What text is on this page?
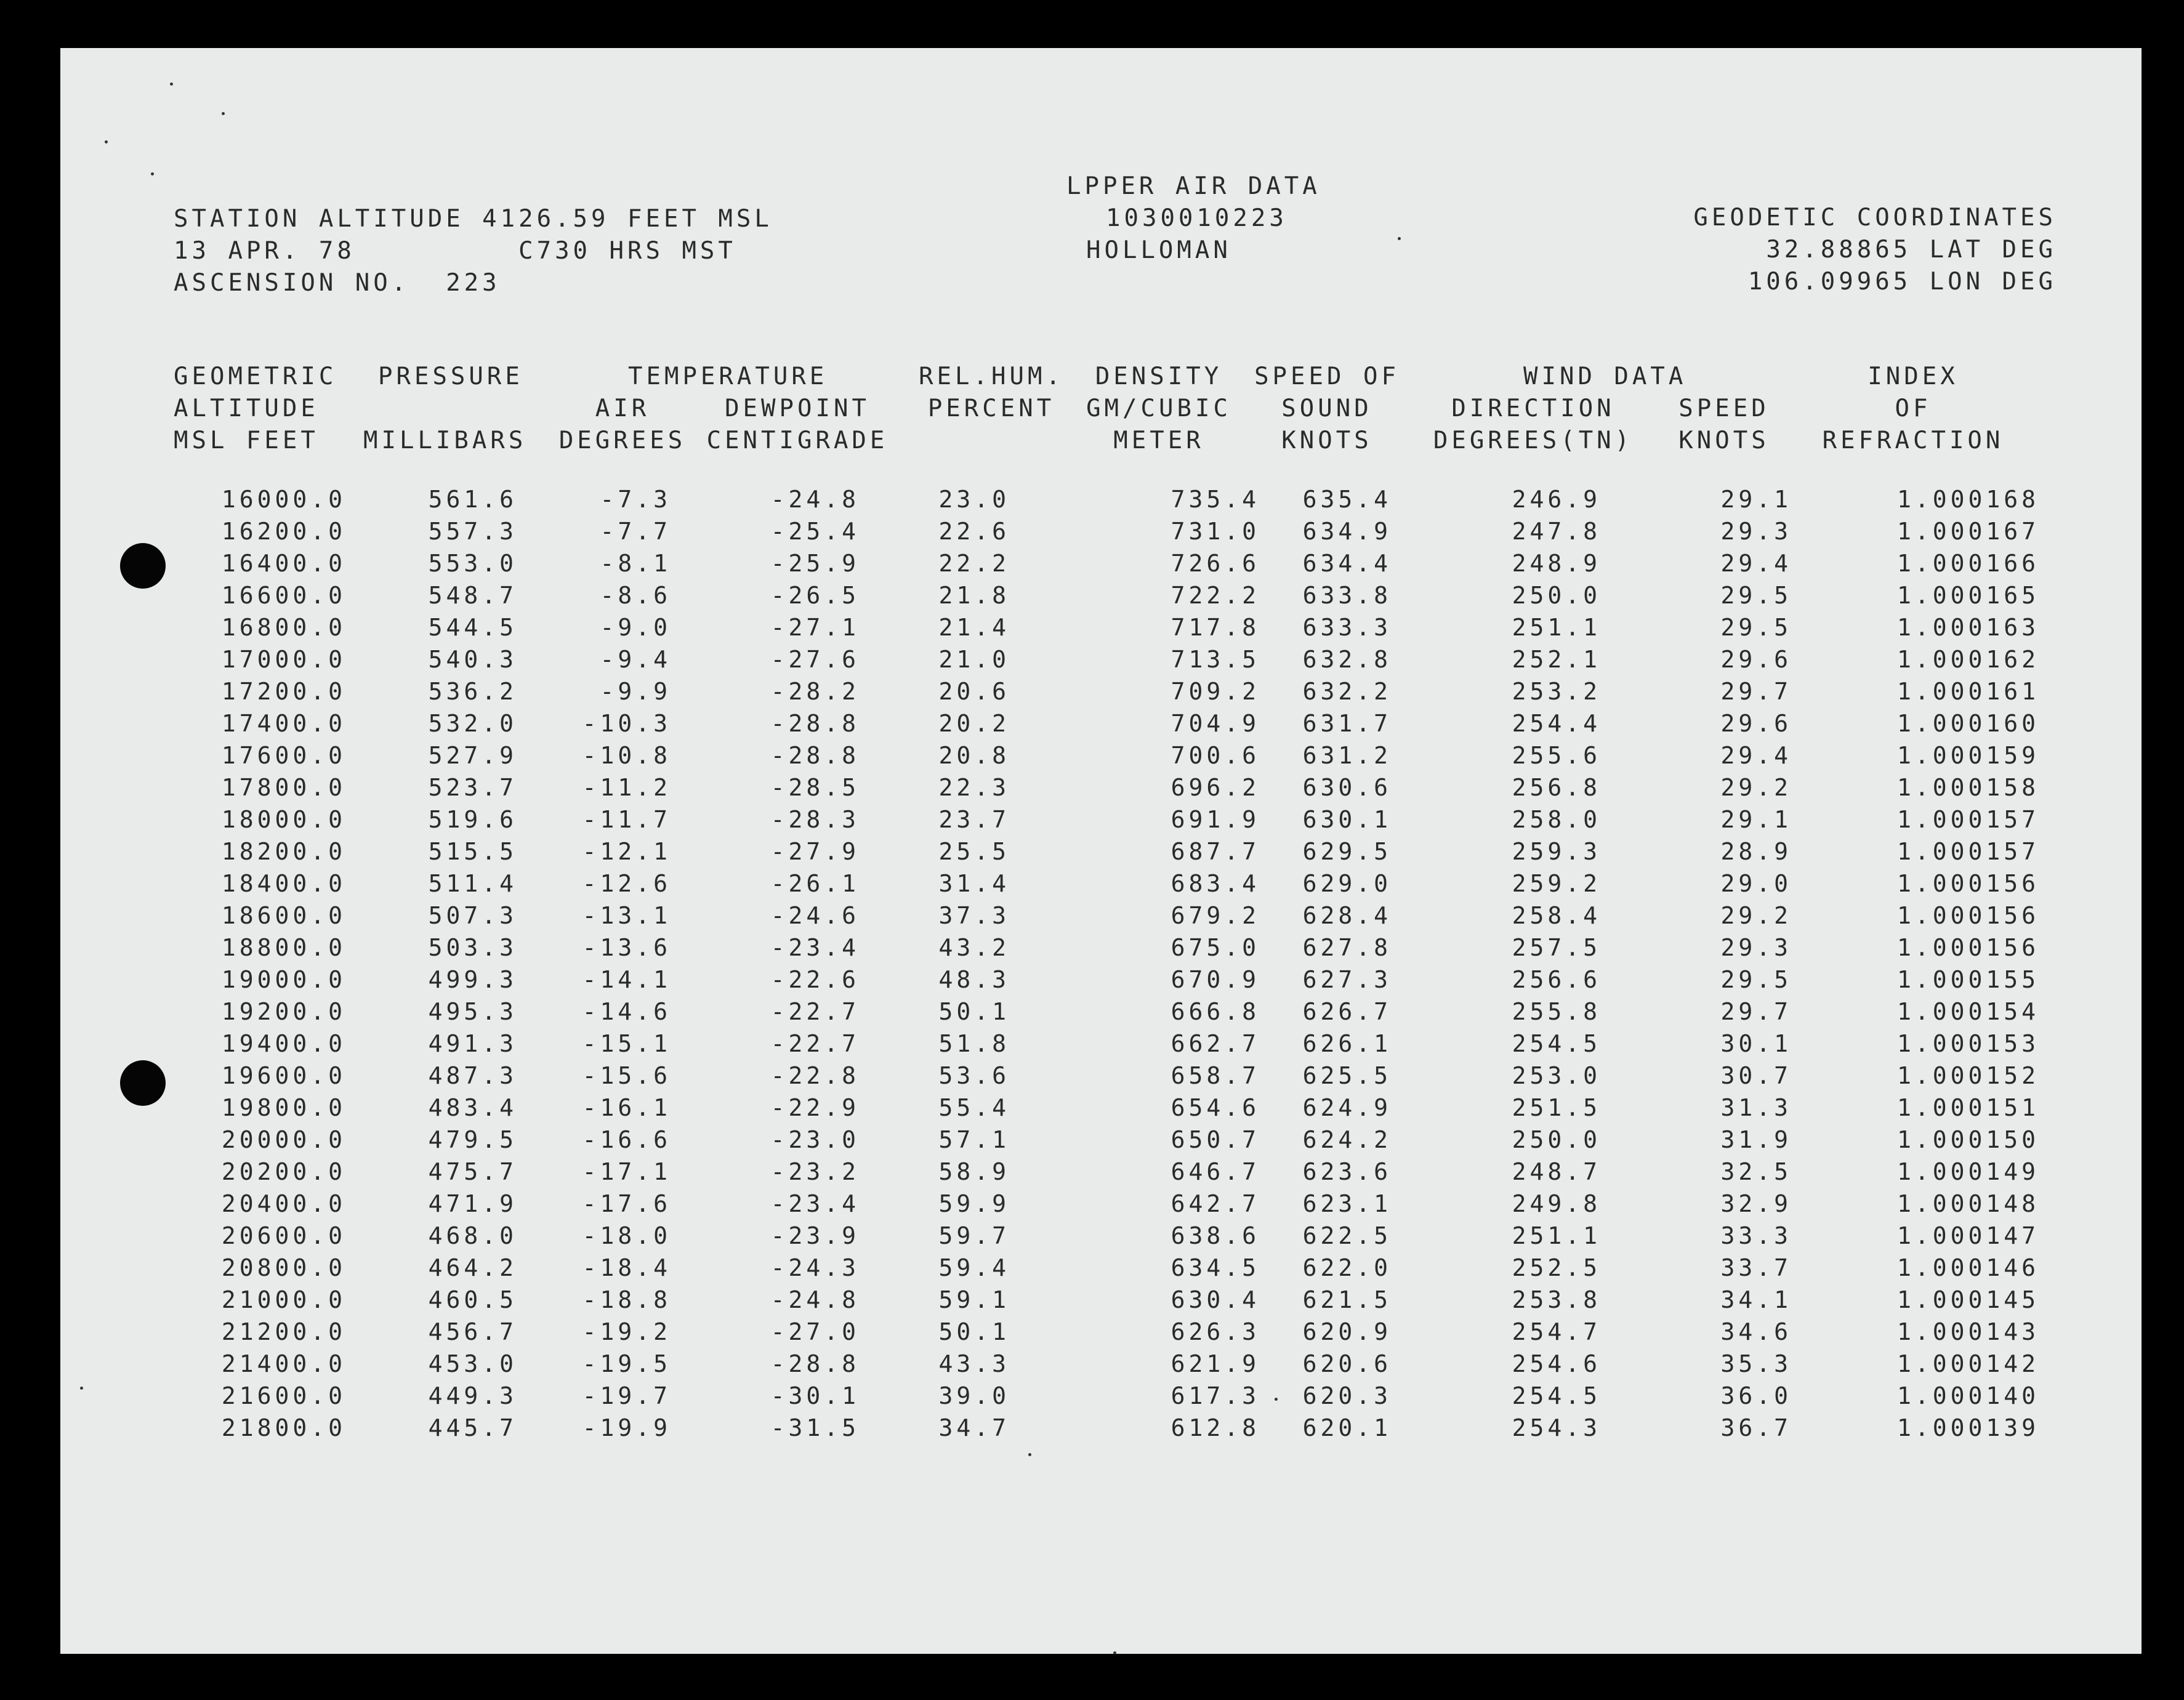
STATION ALTITUDE 4126.59 FEET MSL
13 APR. 78         C730 HRS MST
ASCENSION NO.  223
LPPER AIR DATA
1030010223
HOLLOMAN
GEODETIC COORDINATES
32.88865 LAT DEG
106.09965 LON DEG
GEOMETRIC
ALTITUDE
MSL FEET
PRESSURE
MILLIBARS
TEMPERATURE
AIR
DEGREES
DEWPOINT
CENTIGRADE
REL.HUM.
PERCENT
DENSITY
GM/CUBIC
METER
SPEED OF
SOUND
KNOTS
WIND DATA
DIRECTION
DEGREES(TN)
SPEED
KNOTS
INDEX
OF
REFRACTION
16000.0
16200.0
16400.0
16600.0
16800.0
17000.0
17200.0
17400.0
17600.0
17800.0
18000.0
18200.0
18400.0
18600.0
18800.0
19000.0
19200.0
19400.0
19600.0
19800.0
20000.0
20200.0
20400.0
20600.0
20800.0
21000.0
21200.0
21400.0
21600.0
21800.0
561.6
557.3
553.0
548.7
544.5
540.3
536.2
532.0
527.9
523.7
519.6
515.5
511.4
507.3
503.3
499.3
495.3
491.3
487.3
483.4
479.5
475.7
471.9
468.0
464.2
460.5
456.7
453.0
449.3
445.7
-7.3
-7.7
-8.1
-8.6
-9.0
-9.4
-9.9
-10.3
-10.8
-11.2
-11.7
-12.1
-12.6
-13.1
-13.6
-14.1
-14.6
-15.1
-15.6
-16.1
-16.6
-17.1
-17.6
-18.0
-18.4
-18.8
-19.2
-19.5
-19.7
-19.9
-24.8
-25.4
-25.9
-26.5
-27.1
-27.6
-28.2
-28.8
-28.8
-28.5
-28.3
-27.9
-26.1
-24.6
-23.4
-22.6
-22.7
-22.7
-22.8
-22.9
-23.0
-23.2
-23.4
-23.9
-24.3
-24.8
-27.0
-28.8
-30.1
-31.5
23.0
22.6
22.2
21.8
21.4
21.0
20.6
20.2
20.8
22.3
23.7
25.5
31.4
37.3
43.2
48.3
50.1
51.8
53.6
55.4
57.1
58.9
59.9
59.7
59.4
59.1
50.1
43.3
39.0
34.7
735.4
731.0
726.6
722.2
717.8
713.5
709.2
704.9
700.6
696.2
691.9
687.7
683.4
679.2
675.0
670.9
666.8
662.7
658.7
654.6
650.7
646.7
642.7
638.6
634.5
630.4
626.3
621.9
617.3
612.8
635.4
634.9
634.4
633.8
633.3
632.8
632.2
631.7
631.2
630.6
630.1
629.5
629.0
628.4
627.8
627.3
626.7
626.1
625.5
624.9
624.2
623.6
623.1
622.5
622.0
621.5
620.9
620.6
620.3
620.1
246.9
247.8
248.9
250.0
251.1
252.1
253.2
254.4
255.6
256.8
258.0
259.3
259.2
258.4
257.5
256.6
255.8
254.5
253.0
251.5
250.0
248.7
249.8
251.1
252.5
253.8
254.7
254.6
254.5
254.3
29.1
29.3
29.4
29.5
29.5
29.6
29.7
29.6
29.4
29.2
29.1
28.9
29.0
29.2
29.3
29.5
29.7
30.1
30.7
31.3
31.9
32.5
32.9
33.3
33.7
34.1
34.6
35.3
36.0
36.7
1.000168
1.000167
1.000166
1.000165
1.000163
1.000162
1.000161
1.000160
1.000159
1.000158
1.000157
1.000157
1.000156
1.000156
1.000156
1.000155
1.000154
1.000153
1.000152
1.000151
1.000150
1.000149
1.000148
1.000147
1.000146
1.000145
1.000143
1.000142
1.000140
1.000139
